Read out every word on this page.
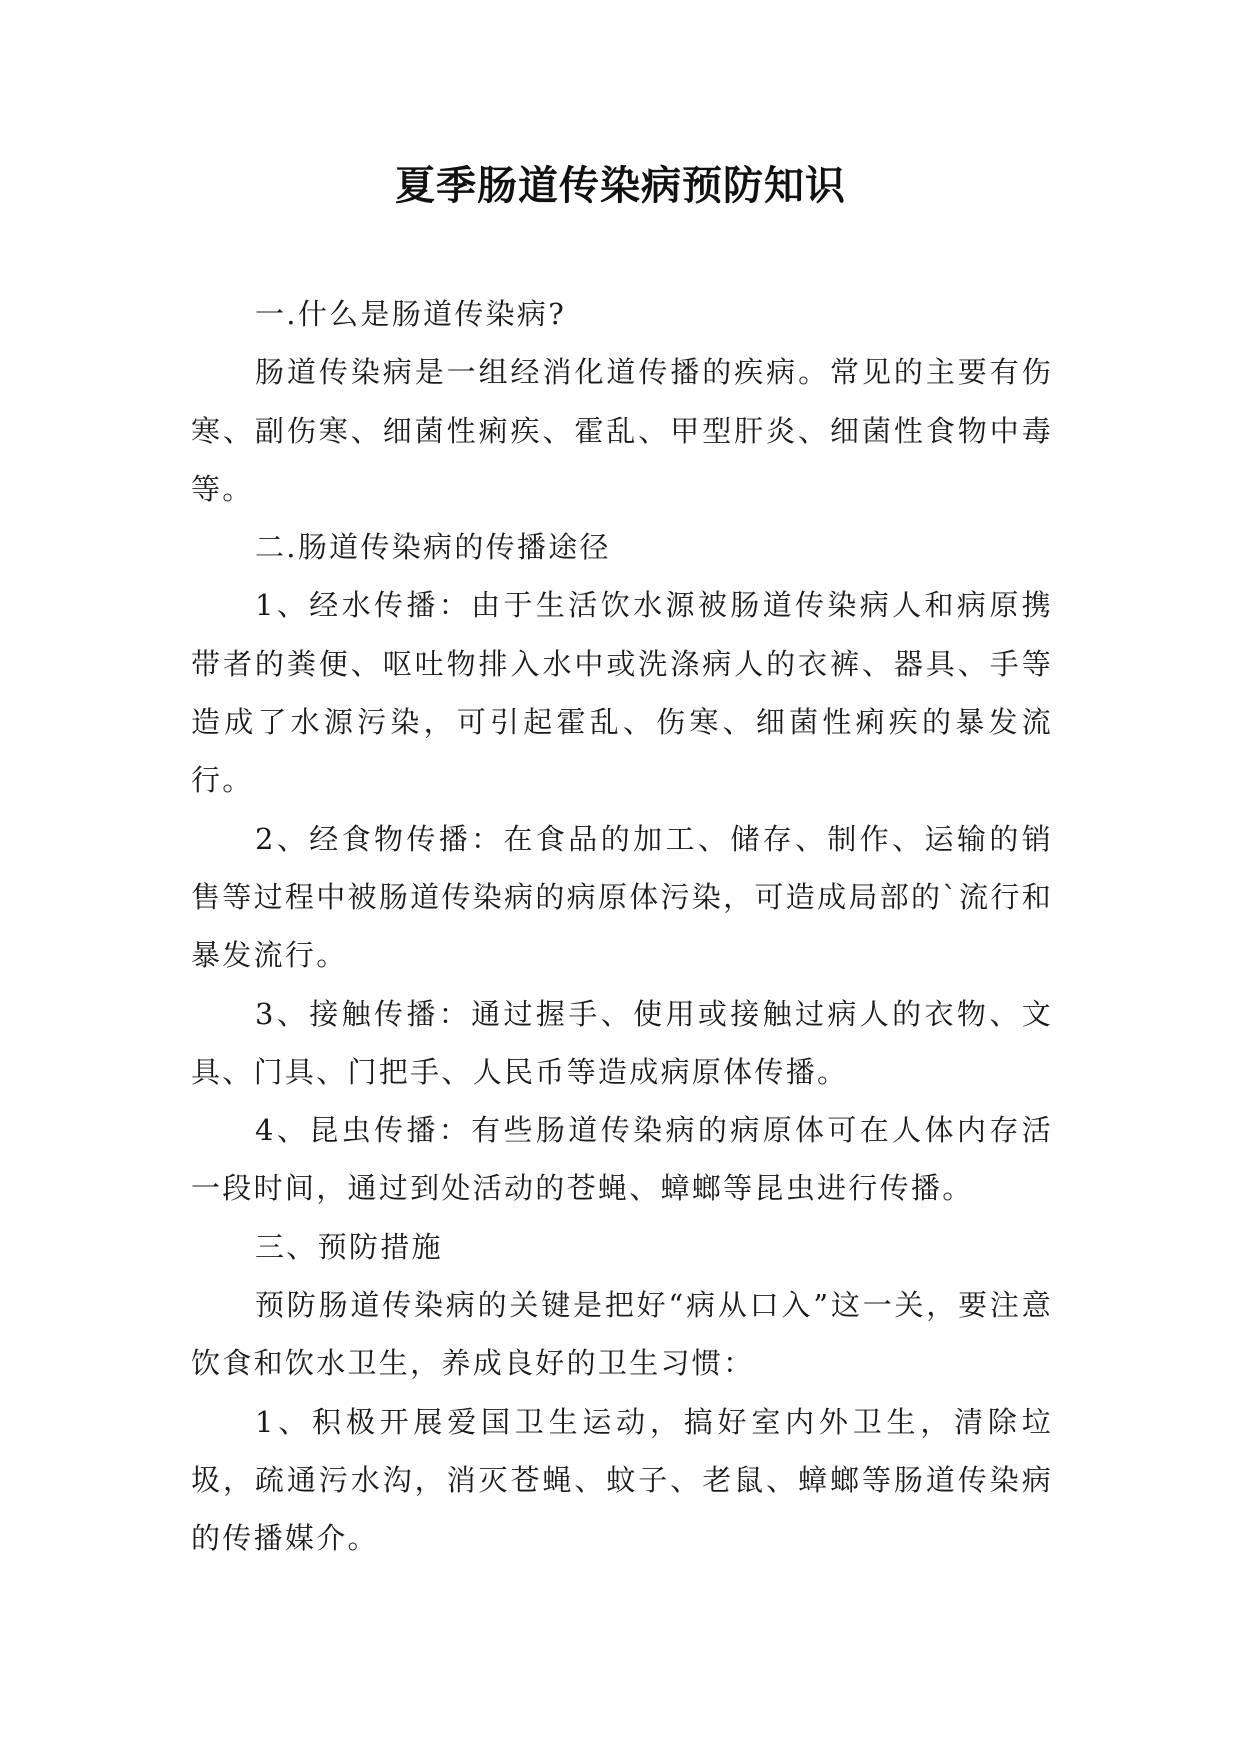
夏季肠道传染病预防知识

一.什么是肠道传染病?

肠道传染病是一组经消化道传播的疾病。常见的主要有伤寒、副伤寒、细菌性痢疾、霍乱、甲型肝炎、细菌性食物中毒等。

二.肠道传染病的传播途径

1、经水传播：由于生活饮水源被肠道传染病人和病原携带者的粪便、呕吐物排入水中或洗涤病人的衣裤、器具、手等造成了水源污染，可引起霍乱、伤寒、细菌性痢疾的暴发流行。

2、经食物传播：在食品的加工、储存、制作、运输的销售等过程中被肠道传染病的病原体污染，可造成局部的`流行和暴发流行。

3、接触传播：通过握手、使用或接触过病人的衣物、文具、门具、门把手、人民币等造成病原体传播。

4、昆虫传播：有些肠道传染病的病原体可在人体内存活一段时间，通过到处活动的苍蝇、蟑螂等昆虫进行传播。

三、预防措施

预防肠道传染病的关键是把好“病从口入”这一关，要注意饮食和饮水卫生，养成良好的卫生习惯：

1、积极开展爱国卫生运动，搞好室内外卫生，清除垃圾，疏通污水沟，消灭苍蝇、蚊子、老鼠、蟑螂等肠道传染病的传播媒介。
